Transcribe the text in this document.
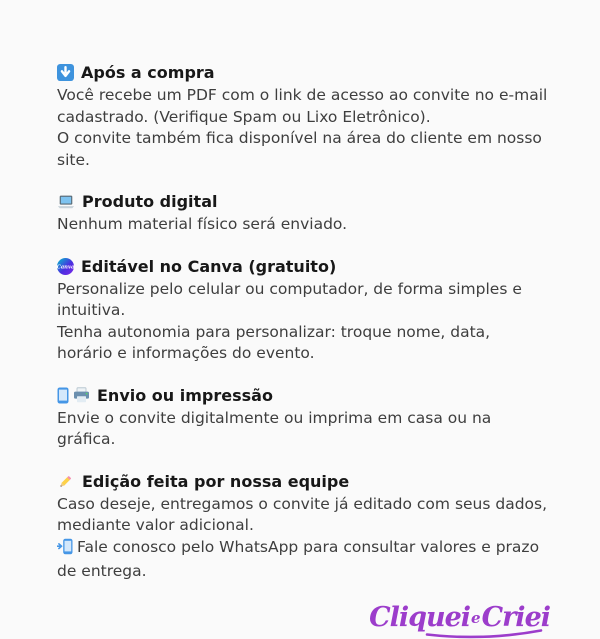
Após a compra

Você recebe um PDF com o link de acesso ao convite no e-mail cadastrado. (Verifique Spam ou Lixo Eletrônico).

O convite também fica disponível na área do cliente em nosso site.

Produto digital

Nenhum material físico será enviado.

Canva Editável no Canva (gratuito)

Personalize pelo celular ou computador, de forma simples e intuitiva.

Tenha autonomia para personalizar: troque nome, data, horário e informações do evento.

Envio ou impressão

Envie o convite digitalmente ou imprima em casa ou na gráfica.

Edição feita por nossa equipe

Caso deseje, entregamos o convite já editado com seus dados, mediante valor adicional.

Fale conosco pelo WhatsApp para consultar valores e prazo de entrega.

CliqueieCriei
